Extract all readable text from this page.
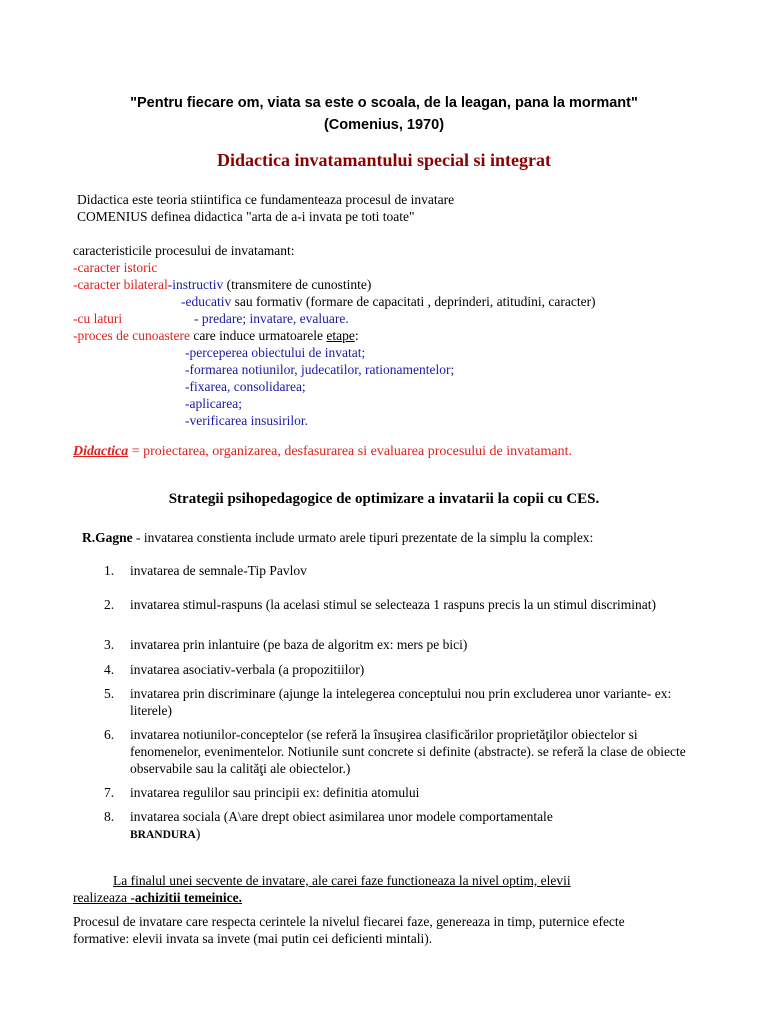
"Pentru fiecare om, viata sa este o scoala, de la leagan, pana la mormant"
(Comenius, 1970)
Didactica invatamantului special si integrat
Didactica este teoria stiintifica ce fundamenteaza procesul de invatare
COMENIUS definea didactica "arta de a-i invata pe toti toate"
caracteristicile procesului de invatamant:
-caracter istoric
-caracter bilateral-instructiv (transmitere de cunostinte)
-educativ sau formativ (formare de capacitati , deprinderi, atitudini, caracter)
-cu laturi	- predare; invatare, evaluare.
-proces de cunoastere care induce urmatoarele etape:
-perceperea obiectului de invatat;
-formarea notiunilor, judecatilor, rationamentelor;
-fixarea, consolidarea;
-aplicarea;
-verificarea insusirilor.
Didactica = proiectarea, organizarea, desfasurarea si evaluarea procesului de invatamant.
Strategii psihopedagogice de optimizare a invatarii la copii cu CES.
R.Gagne - invatarea constienta include urmato arele tipuri prezentate de la simplu la complex:
1.	invatarea de semnale-Tip Pavlov
2.	invatarea stimul-raspuns (la acelasi stimul se selecteaza 1 raspuns precis la un stimul discriminat)
3.	invatarea prin inlantuire (pe baza de algoritm ex: mers pe bici)
4.	invatarea asociativ-verbala (a propozitiilor)
5.	invatarea prin discriminare (ajunge la intelegerea conceptului nou prin excluderea unor variante- ex: literele)
6.	invatarea notiunilor-conceptelor (se referă la însuşirea clasificărilor proprietăţilor obiectelor si fenomenelor, evenimentelor. Notiunile sunt concrete si definite (abstracte). se referă la clase de obiecte observabile sau la calităţi ale obiectelor.)
7.	invatarea regulilor sau principii ex: definitia atomului
8.	invatarea sociala (A\are drept obiect asimilarea unor modele comportamentale
BRANDURA)
La finalul unei secvente de invatare, ale carei faze functioneaza la nivel optim, elevii
realizeaza -achizitii temeinice.
Procesul de invatare care respecta cerintele la nivelul fiecarei faze, genereaza in timp, puternice efecte formative: elevii invata sa invete (mai putin cei deficienti mintali).
